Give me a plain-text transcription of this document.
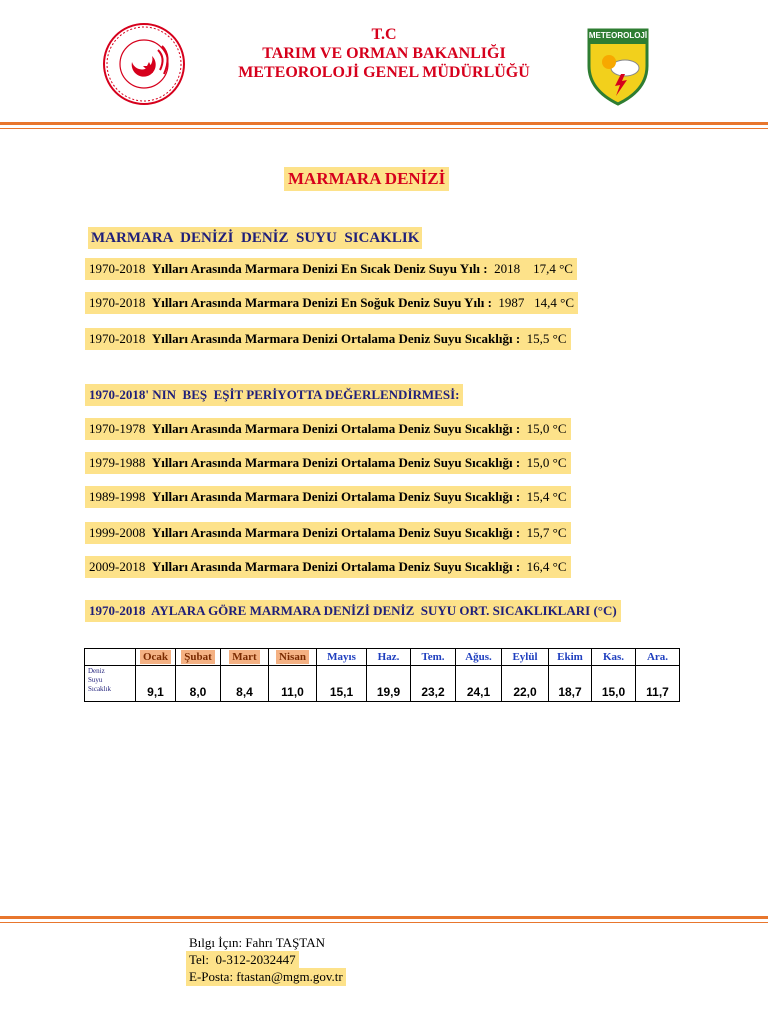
T.C
TARIM VE ORMAN BAKANLIĞI
METEOROLOJİ GENEL MÜDÜRLÜĞÜ
METEOROLOJİ
MARMARA DENİZİ
MARMARA  DENİZİ  DENİZ  SUYU  SICAKLIK
1970-2018 Yılları Arasında Marmara Denizi En Sıcak Deniz Suyu Yılı : 2018    17,4 °C
1970-2018 Yılları Arasında Marmara Denizi En Soğuk Deniz Suyu Yılı : 1987   14,4 °C
1970-2018 Yılları Arasında Marmara Denizi Ortalama Deniz Suyu Sıcaklığı : 15,5 °C
1970-2018' NIN  BEŞ  EŞİT PERİYOTTA DEĞERLENDİRMESİ:
1970-1978 Yılları Arasında Marmara Denizi Ortalama Deniz Suyu Sıcaklığı : 15,0 °C
1979-1988 Yılları Arasında Marmara Denizi Ortalama Deniz Suyu Sıcaklığı : 15,0 °C
1989-1998 Yılları Arasında Marmara Denizi Ortalama Deniz Suyu Sıcaklığı : 15,4 °C
1999-2008 Yılları Arasında Marmara Denizi Ortalama Deniz Suyu Sıcaklığı : 15,7 °C
2009-2018 Yılları Arasında Marmara Denizi Ortalama Deniz Suyu Sıcaklığı : 16,4 °C
1970-2018  AYLARA GÖRE MARMARA DENİZİ DENİZ  SUYU ORT. SICAKLIKLARI (°C)
	Ocak	Şubat	Mart	Nisan	Mayıs	Haz.	Tem.	Ağus.	Eylül	Ekim	Kas.	Ara.

Deniz
Suyu
Sıcaklık	9,1	8,0	8,4	11,0	15,1	19,9	23,2	24,1	22,0	18,7	15,0	11,7
Bılgı İçın: Fahrı TAŞTAN
Tel:  0-312-2032447
E-Posta: ftastan@mgm.gov.tr
